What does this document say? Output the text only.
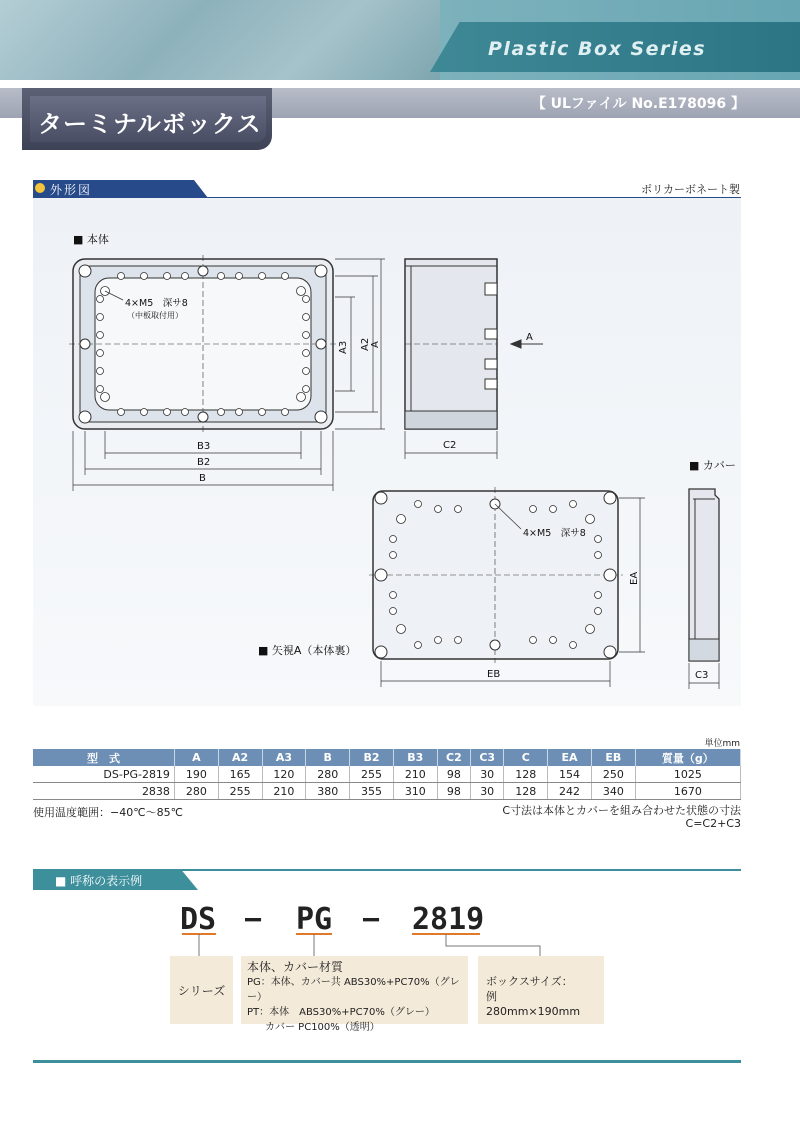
Plastic Box Series
ターミナルボックス
【 ULファイル No.E178096 】
外形図	ポリカーボネート製
■ 本体
■ カバー
■ 矢視A（本体裏）
4×M5　深サ8
（中板取付用）
A3 A2 A
B3
B2
B
A
C2
4×M5　深サ8
EA
EB	C3
単位mm
型　式	A	A2	A3	B	B2	B3	C2	C3	C	EA	EB	質量（g）
DS-PG-2819	190	165	120	280	255	210	98	30	128	154	250	1025
2838	280	255	210	380	355	310	98	30	128	242	340	1670
使用温度範囲：−40℃〜85℃	C寸法は本体とカバーを組み合わせた状態の寸法
C=C2+C3
■ 呼称の表示例
DS − PG − 2819
シリーズ
本体、カバー材質
PG：本体、カバー共 ABS30%+PC70%（グレー）
PT：本体　ABS30%+PC70%（グレー）
カバー PC100%（透明）
ボックスサイズ：
例　280mm×190mm
